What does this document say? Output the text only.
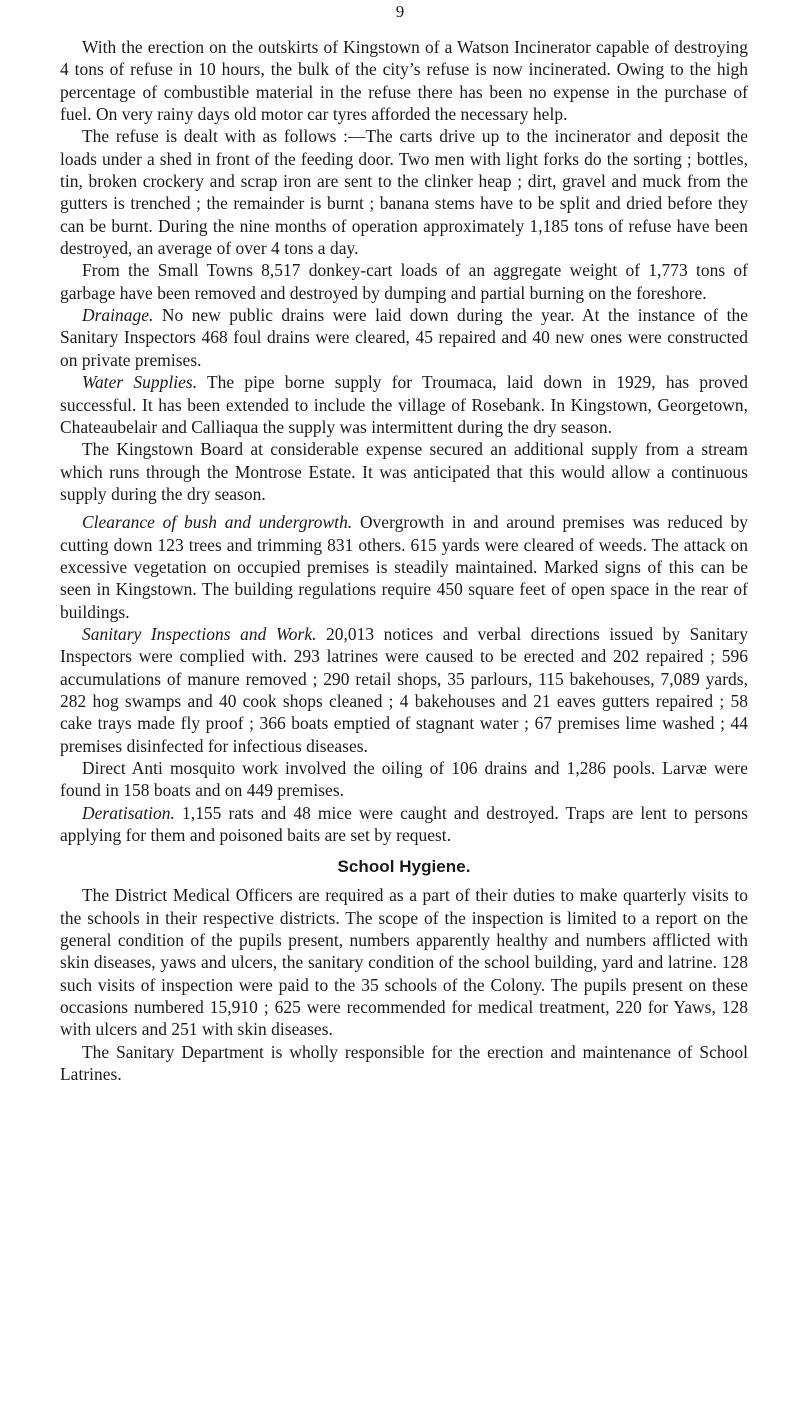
9

With the erection on the outskirts of Kingstown of a Watson Incinerator capable of destroying 4 tons of refuse in 10 hours, the bulk of the city’s refuse is now incinerated. Owing to the high percentage of combustible material in the refuse there has been no expense in the purchase of fuel. On very rainy days old motor car tyres afforded the necessary help.

The refuse is dealt with as follows :—The carts drive up to the incinerator and deposit the loads under a shed in front of the feeding door. Two men with light forks do the sorting ; bottles, tin, broken crockery and scrap iron are sent to the clinker heap ; dirt, gravel and muck from the gutters is trenched ; the remainder is burnt ; banana stems have to be split and dried before they can be burnt. During the nine months of operation approximately 1,185 tons of refuse have been destroyed, an average of over 4 tons a day.

From the Small Towns 8,517 donkey-cart loads of an aggregate weight of 1,773 tons of garbage have been removed and destroyed by dumping and partial burning on the foreshore.

Drainage. No new public drains were laid down during the year. At the instance of the Sanitary Inspectors 468 foul drains were cleared, 45 repaired and 40 new ones were constructed on private premises.

Water Supplies. The pipe borne supply for Troumaca, laid down in 1929, has proved successful. It has been extended to include the village of Rosebank. In Kingstown, Georgetown, Chateaubelair and Calliaqua the supply was intermittent during the dry season.

The Kingstown Board at considerable expense secured an additional supply from a stream which runs through the Montrose Estate. It was anticipated that this would allow a continuous supply during the dry season.

Clearance of bush and undergrowth. Overgrowth in and around premises was reduced by cutting down 123 trees and trimming 831 others. 615 yards were cleared of weeds. The attack on excessive vegetation on occupied premises is steadily maintained. Marked signs of this can be seen in Kingstown. The building regulations require 450 square feet of open space in the rear of buildings.

Sanitary Inspections and Work. 20,013 notices and verbal directions issued by Sanitary Inspectors were complied with. 293 latrines were caused to be erected and 202 repaired ; 596 accumulations of manure removed ; 290 retail shops, 35 parlours, 115 bakehouses, 7,089 yards, 282 hog swamps and 40 cook shops cleaned ; 4 bakehouses and 21 eaves gutters repaired ; 58 cake trays made fly proof ; 366 boats emptied of stagnant water ; 67 premises lime washed ; 44 premises disinfected for infectious diseases.

Direct Anti mosquito work involved the oiling of 106 drains and 1,286 pools. Larvæ were found in 158 boats and on 449 premises.

Deratisation. 1,155 rats and 48 mice were caught and destroyed. Traps are lent to persons applying for them and poisoned baits are set by request.

School Hygiene.

The District Medical Officers are required as a part of their duties to make quarterly visits to the schools in their respective districts. The scope of the inspection is limited to a report on the general condition of the pupils present, numbers apparently healthy and numbers afflicted with skin diseases, yaws and ulcers, the sanitary condition of the school building, yard and latrine. 128 such visits of inspection were paid to the 35 schools of the Colony. The pupils present on these occasions numbered 15,910 ; 625 were recommended for medical treatment, 220 for Yaws, 128 with ulcers and 251 with skin diseases.

The Sanitary Department is wholly responsible for the erection and maintenance of School Latrines.
